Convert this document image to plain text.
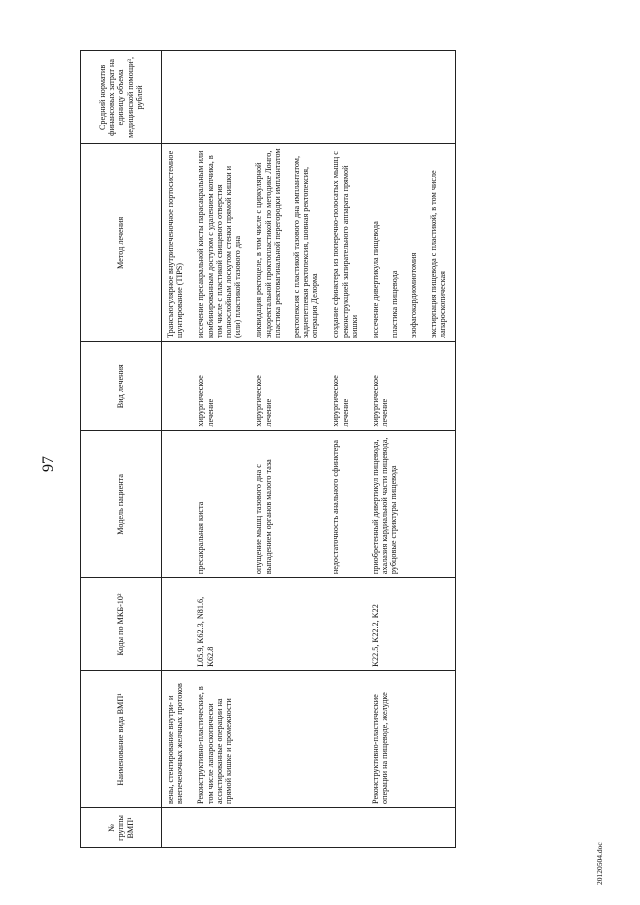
97
№ группы ВМП¹	Наименование вида ВМП¹	Коды по МКБ-10²	Модель пациента	Вид лечения	Метод лечения	Средний норматив финансовых затрат на единицу объема медицинской помощи³, рублей
	вены, стентирование внутри- и внепеченочных желчных протоков				Трансъюгулярное внутрипеченочное портосистемное шунтирование (TIPS)	

	Реконструктивно-пластические, в том числе лапароскопически ассистированные операции на прямой кишке и промежности	L05.9, K62.3, N81.6, K62.8	пресакральная киста	хирургическое лечение	иссечение пресакральной кисты парасакральным или комбинированным доступом с удалением копчика, в том числе с пластикой свищевого отверстия полнослойным лоскутом стенки прямой кишки и (или) пластикой тазового дна	

			опущение мышц тазового дна с выпадением органов малого таза	хирургическое лечение	ликвидация ректоцеле, в том числе с циркулярной эндоректальной проктопластикой по методике Лонго, пластика ректовагинальной перегородки имплантатом ректопексия с пластикой тазового дна имплантатом, заднепетлевая ректопексия, шовная ректопексия, операция Делорма	

			недостаточность анального сфинктера	хирургическое лечение	создание сфинктера из поперечно-полосатых мышц с реконструкцией запирательного аппарата прямой кишки	

	Реконструктивно-пластические операции на пищеводе, желудке	K22.5, K22.2, K22	приобретенный дивертикул пищевода, ахалазия кардиальной части пищевода, рубцовые стриктуры пищевода	хирургическое лечение	иссечение дивертикула пищевода пластика пищевода эзофагокардиомиотомия экстирпация пищевода с пластикой, в том числе лапароскопическая	

20120504.doc
